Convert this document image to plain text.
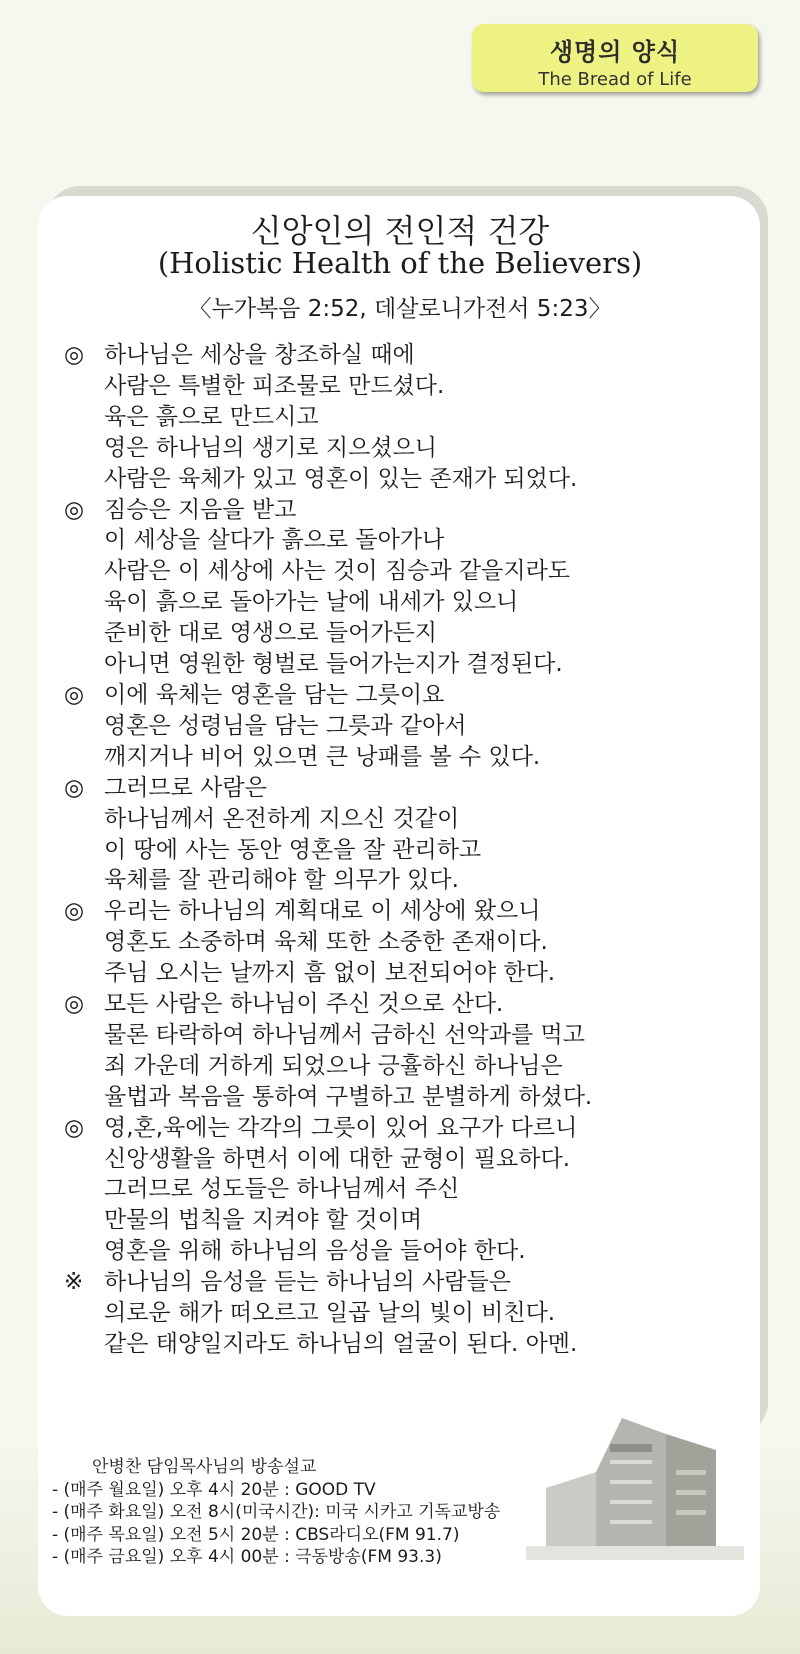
생명의 양식
The Bread of Life
신앙인의 전인적 건강
(Holistic Health of the Believers)
〈누가복음 2:52, 데살로니가전서 5:23〉
◎ 하나님은 세상을 창조하실 때에
사람은 특별한 피조물로 만드셨다.
육은 흙으로 만드시고
영은 하나님의 생기로 지으셨으니
사람은 육체가 있고 영혼이 있는 존재가 되었다.
◎ 짐승은 지음을 받고
이 세상을 살다가 흙으로 돌아가나
사람은 이 세상에 사는 것이 짐승과 같을지라도
육이 흙으로 돌아가는 날에 내세가 있으니
준비한 대로 영생으로 들어가든지
아니면 영원한 형벌로 들어가는지가 결정된다.
◎ 이에 육체는 영혼을 담는 그릇이요
영혼은 성령님을 담는 그릇과 같아서
깨지거나 비어 있으면 큰 낭패를 볼 수 있다.
◎ 그러므로 사람은
하나님께서 온전하게 지으신 것같이
이 땅에 사는 동안 영혼을 잘 관리하고
육체를 잘 관리해야 할 의무가 있다.
◎ 우리는 하나님의 계획대로 이 세상에 왔으니
영혼도 소중하며 육체 또한 소중한 존재이다.
주님 오시는 날까지 흠 없이 보전되어야 한다.
◎ 모든 사람은 하나님이 주신 것으로 산다.
물론 타락하여 하나님께서 금하신 선악과를 먹고
죄 가운데 거하게 되었으나 긍휼하신 하나님은
율법과 복음을 통하여 구별하고 분별하게 하셨다.
◎ 영,혼,육에는 각각의 그릇이 있어 요구가 다르니
신앙생활을 하면서 이에 대한 균형이 필요하다.
그러므로 성도들은 하나님께서 주신
만물의 법칙을 지켜야 할 것이며
영혼을 위해 하나님의 음성을 들어야 한다.
※ 하나님의 음성을 듣는 하나님의 사람들은
의로운 해가 떠오르고 일곱 날의 빛이 비친다.
같은 태양일지라도 하나님의 얼굴이 된다. 아멘.
안병찬 담임목사님의 방송설교
- (매주 월요일) 오후 4시 20분 : GOOD TV
- (매주 화요일) 오전 8시(미국시간): 미국 시카고 기독교방송
- (매주 목요일) 오전 5시 20분 : CBS라디오(FM 91.7)
- (매주 금요일) 오후 4시 00분 : 극동방송(FM 93.3)
